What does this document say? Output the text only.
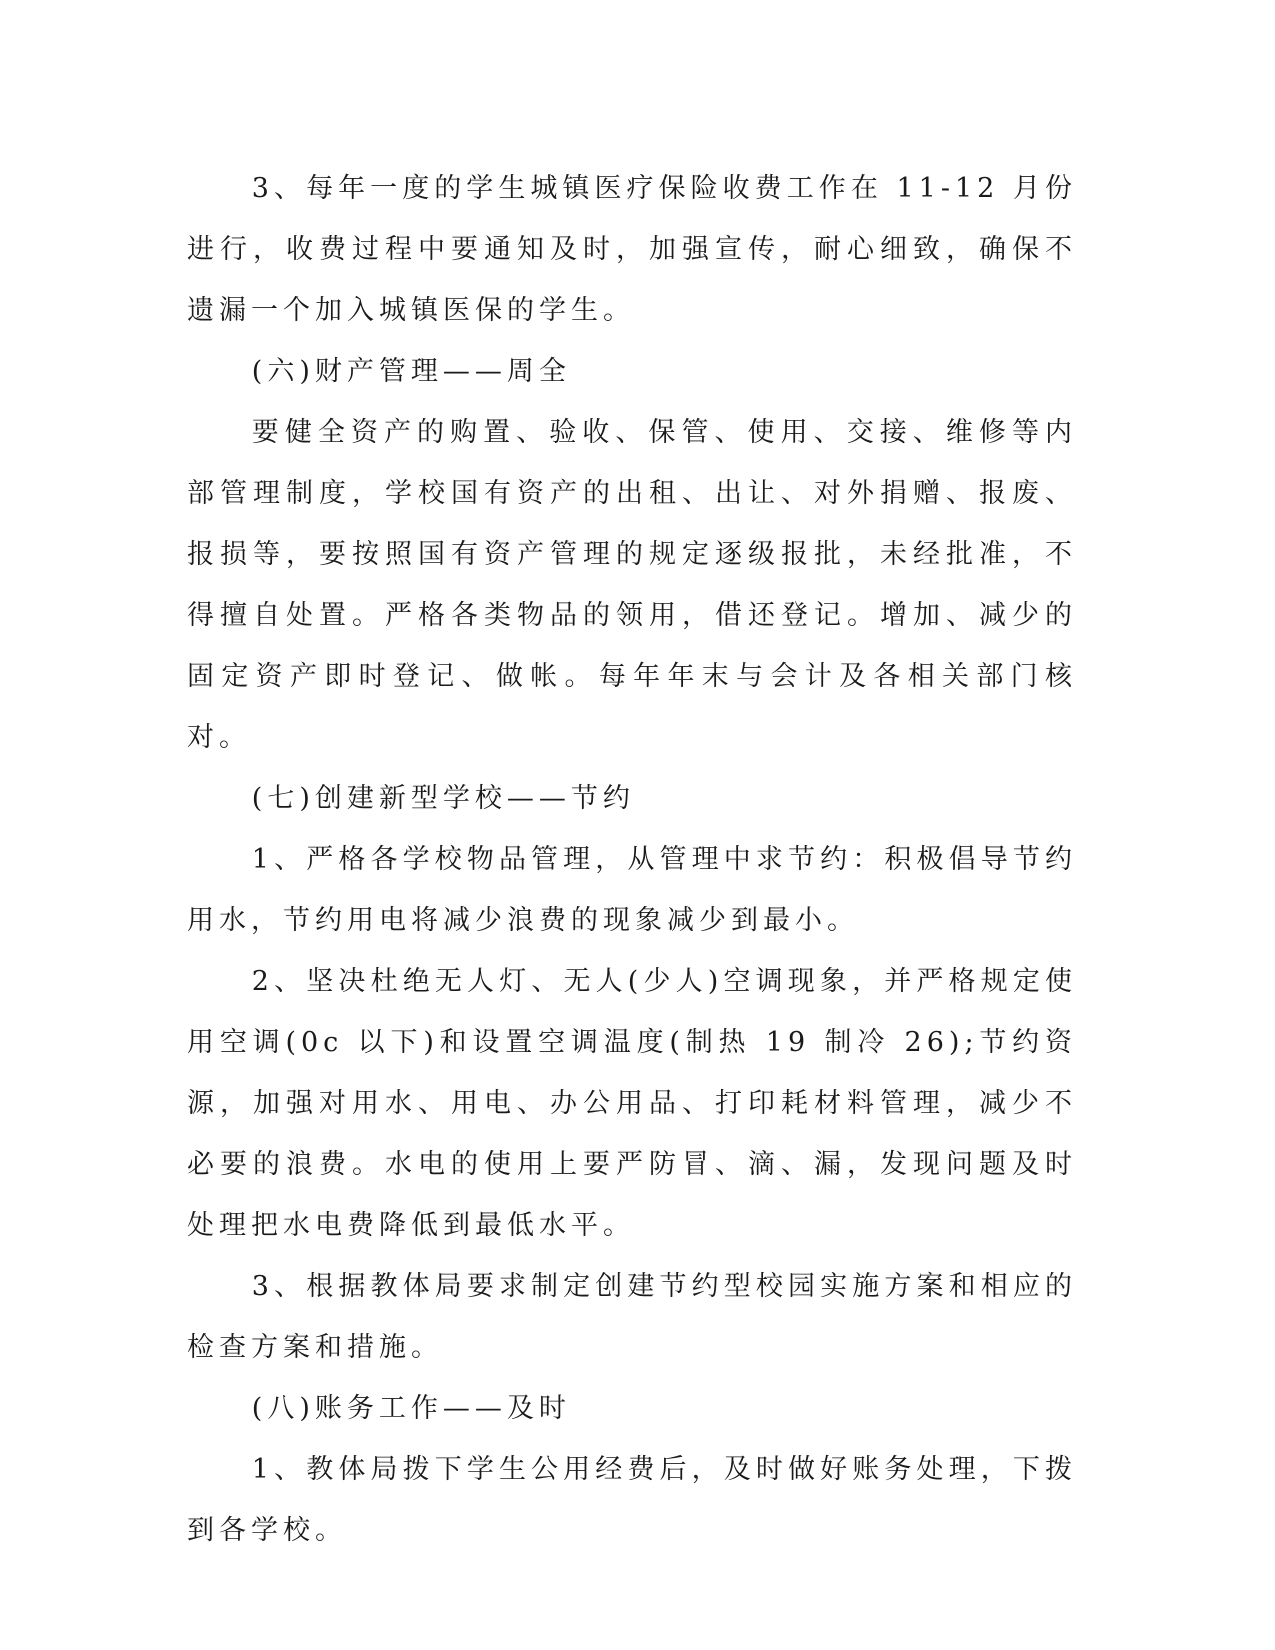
3、每年一度的学生城镇医疗保险收费工作在 11-12 月份进行，收费过程中要通知及时，加强宣传，耐心细致，确保不遗漏一个加入城镇医保的学生。

(六)财产管理——周全

要健全资产的购置、验收、保管、使用、交接、维修等内部管理制度，学校国有资产的出租、出让、对外捐赠、报废、报损等，要按照国有资产管理的规定逐级报批，未经批准，不得擅自处置。严格各类物品的领用，借还登记。增加、减少的固定资产即时登记、做帐。每年年末与会计及各相关部门核对。

(七)创建新型学校——节约

1、严格各学校物品管理，从管理中求节约：积极倡导节约用水，节约用电将减少浪费的现象减少到最小。

2、坚决杜绝无人灯、无人(少人)空调现象，并严格规定使用空调(0c 以下)和设置空调温度(制热 19 制冷 26);节约资源，加强对用水、用电、办公用品、打印耗材料管理，减少不必要的浪费。水电的使用上要严防冒、滴、漏，发现问题及时处理把水电费降低到最低水平。

3、根据教体局要求制定创建节约型校园实施方案和相应的检查方案和措施。

(八)账务工作——及时

1、教体局拨下学生公用经费后，及时做好账务处理，下拨到各学校。
